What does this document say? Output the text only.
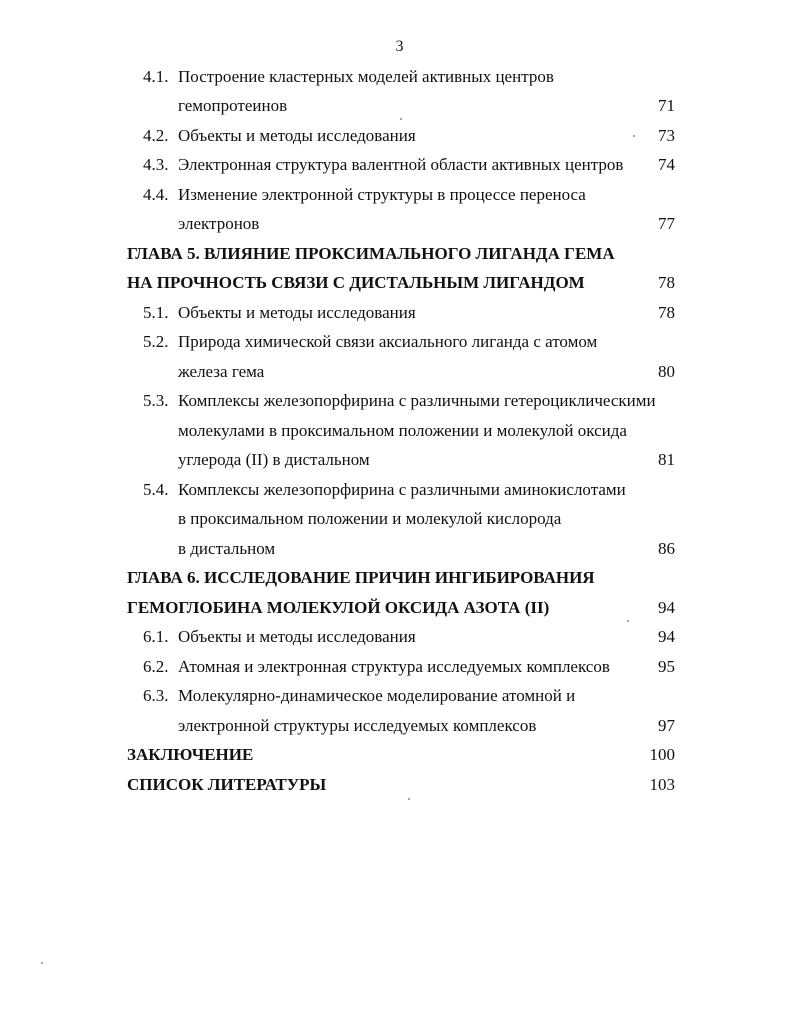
3
4.1. Построение кластерных моделей активных центров
гемопротеинов	71
4.2. Объекты и методы исследования	73
4.3. Электронная структура валентной области активных центров 74
4.4. Изменение электронной структуры в процессе переноса
электронов	77
ГЛАВА 5. ВЛИЯНИЕ ПРОКСИМАЛЬНОГО ЛИГАНДА ГЕМА
НА ПРОЧНОСТЬ СВЯЗИ С ДИСТАЛЬНЫМ ЛИГАНДОМ	78
5.1. Объекты и методы исследования	78
5.2. Природа химической связи аксиального лиганда с атомом
железа гема	80
5.3. Комплексы железопорфирина с различными гетероциклическими
молекулами в проксимальном положении и молекулой оксида
углерода (II) в дистальном	81
5.4. Комплексы железопорфирина с различными аминокислотами
в проксимальном положении и молекулой кислорода
в дистальном	86
ГЛАВА 6. ИССЛЕДОВАНИЕ ПРИЧИН ИНГИБИРОВАНИЯ
ГЕМОГЛОБИНА МОЛЕКУЛОЙ ОКСИДА АЗОТА (II)	94
6.1. Объекты и методы исследования	94
6.2. Атомная и электронная структура исследуемых комплексов	95
6.3. Молекулярно-динамическое моделирование атомной и
электронной структуры исследуемых комплексов	97
ЗАКЛЮЧЕНИЕ	100
СПИСОК ЛИТЕРАТУРЫ	103
